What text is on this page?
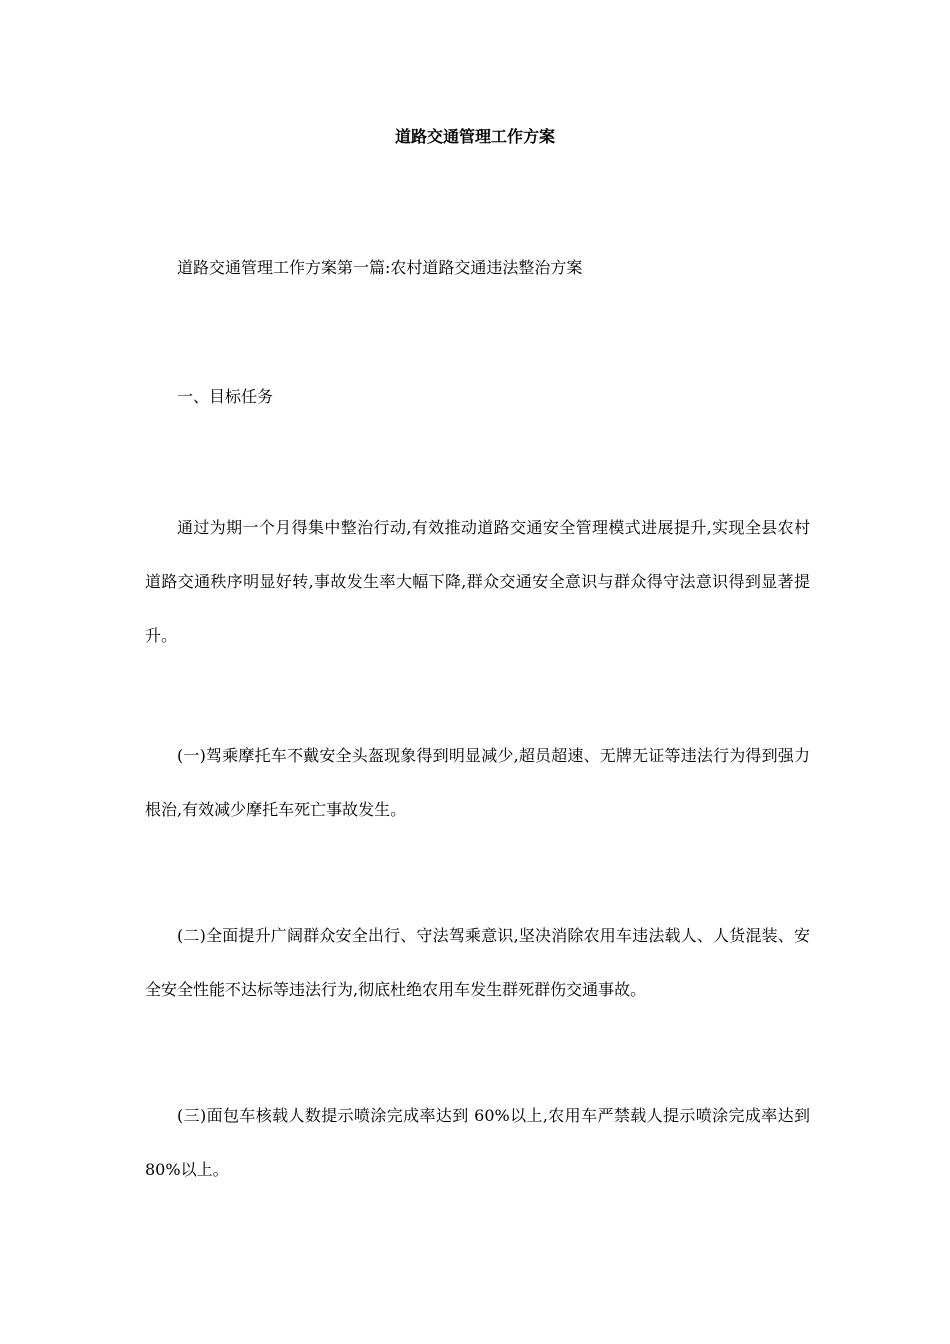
道路交通管理工作方案

道路交通管理工作方案第一篇:农村道路交通违法整治方案

一、目标任务

通过为期一个月得集中整治行动,有效推动道路交通安全管理模式进展提升,实现全县农村道路交通秩序明显好转,事故发生率大幅下降,群众交通安全意识与群众得守法意识得到显著提升。

(一)驾乘摩托车不戴安全头盔现象得到明显减少,超员超速、无牌无证等违法行为得到强力根治,有效减少摩托车死亡事故发生。

(二)全面提升广阔群众安全出行、守法驾乘意识,坚决消除农用车违法载人、人货混装、安全安全性能不达标等违法行为,彻底杜绝农用车发生群死群伤交通事故。

(三)面包车核载人数提示喷涂完成率达到 60%以上,农用车严禁载人提示喷涂完成率达到 80%以上。
